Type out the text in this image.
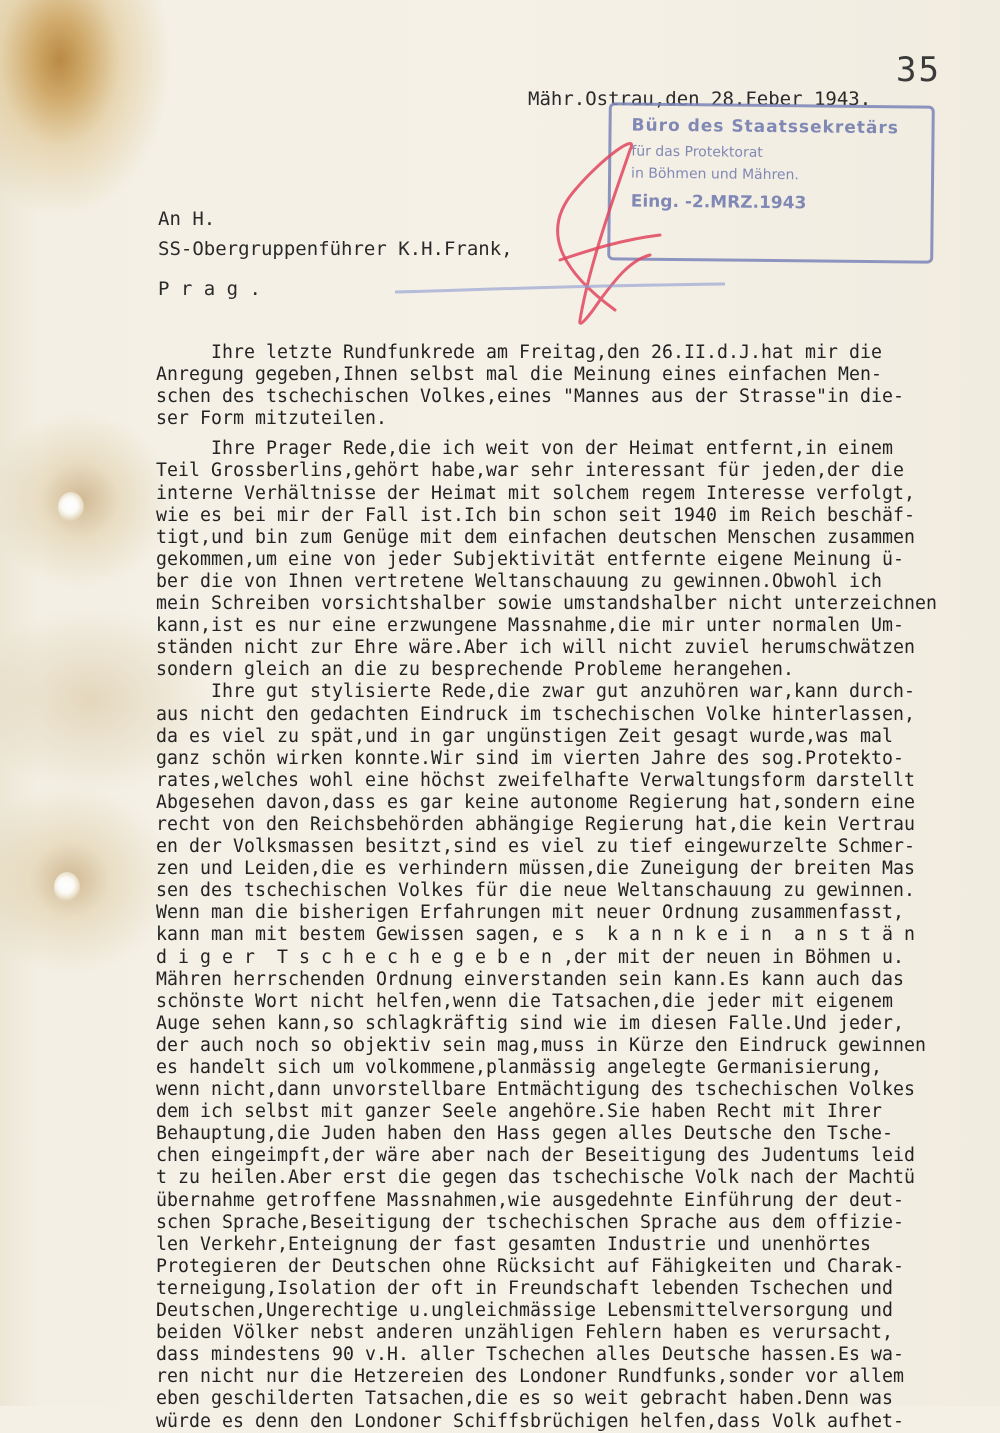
35
Mähr.Ostrau,den 28.Feber 1943.
Büro des Staatssekretärs
für das Protektorat
in Böhmen und Mähren.
Eing. -2.MRZ.1943
An H.
SS-Obergruppenführer K.H.Frank,
P r a g .
Ihre letzte Rundfunkrede am Freitag,den 26.II.d.J.hat mir die
Anregung gegeben,Ihnen selbst mal die Meinung eines einfachen Men-
schen des tschechischen Volkes,eines "Mannes aus der Strasse"in die-
ser Form mitzuteilen.
Ihre Prager Rede,die ich weit von der Heimat entfernt,in einem
Teil Grossberlins,gehört habe,war sehr interessant für jeden,der die
interne Verhältnisse der Heimat mit solchem regem Interesse verfolgt,
wie es bei mir der Fall ist.Ich bin schon seit 1940 im Reich beschäf-
tigt,und bin zum Genüge mit dem einfachen deutschen Menschen zusammen
gekommen,um eine von jeder Subjektivität entfernte eigene Meinung ü-
ber die von Ihnen vertretene Weltanschauung zu gewinnen.Obwohl ich
mein Schreiben vorsichtshalber sowie umstandshalber nicht unterzeichnen
kann,ist es nur eine erzwungene Massnahme,die mir unter normalen Um-
ständen nicht zur Ehre wäre.Aber ich will nicht zuviel herumschwätzen
sondern gleich an die zu besprechende Probleme herangehen.
Ihre gut stylisierte Rede,die zwar gut anzuhören war,kann durch-
aus nicht den gedachten Eindruck im tschechischen Volke hinterlassen,
da es viel zu spät,und in gar ungünstigen Zeit gesagt wurde,was mal
ganz schön wirken konnte.Wir sind im vierten Jahre des sog.Protekto-
rates,welches wohl eine höchst zweifelhafte Verwaltungsform darstellt
Abgesehen davon,dass es gar keine autonome Regierung hat,sondern eine
recht von den Reichsbehörden abhängige Regierung hat,die kein Vertrau
en der Volksmassen besitzt,sind es viel zu tief eingewurzelte Schmer-
zen und Leiden,die es verhindern müssen,die Zuneigung der breiten Mas
sen des tschechischen Volkes für die neue Weltanschauung zu gewinnen.
Wenn man die bisherigen Erfahrungen mit neuer Ordnung zusammenfasst,
kann man mit bestem Gewissen sagen, e s  k a n n k e i n  a n s t ä n
d i g e r  T s c h e c h e g e b e n ,der mit der neuen in Böhmen u.
Mähren herrschenden Ordnung einverstanden sein kann.Es kann auch das
schönste Wort nicht helfen,wenn die Tatsachen,die jeder mit eigenem
Auge sehen kann,so schlagkräftig sind wie im diesen Falle.Und jeder,
der auch noch so objektiv sein mag,muss in Kürze den Eindruck gewinnen
es handelt sich um volkommene,planmässig angelegte Germanisierung,
wenn nicht,dann unvorstellbare Entmächtigung des tschechischen Volkes
dem ich selbst mit ganzer Seele angehöre.Sie haben Recht mit Ihrer
Behauptung,die Juden haben den Hass gegen alles Deutsche den Tsche-
chen eingeimpft,der wäre aber nach der Beseitigung des Judentums leid
t zu heilen.Aber erst die gegen das tschechische Volk nach der Machtü
übernahme getroffene Massnahmen,wie ausgedehnte Einführung der deut-
schen Sprache,Beseitigung der tschechischen Sprache aus dem offizie-
len Verkehr,Enteignung der fast gesamten Industrie und unenhörtes
Protegieren der Deutschen ohne Rücksicht auf Fähigkeiten und Charak-
terneigung,Isolation der oft in Freundschaft lebenden Tschechen und
Deutschen,Ungerechtige u.ungleichmässige Lebensmittelversorgung und
beiden Völker nebst anderen unzähligen Fehlern haben es verursacht,
dass mindestens 90 v.H. aller Tschechen alles Deutsche hassen.Es wa-
ren nicht nur die Hetzereien des Londoner Rundfunks,sonder vor allem
eben geschilderten Tatsachen,die es so weit gebracht haben.Denn was
würde es denn den Londoner Schiffsbrüchigen helfen,dass Volk aufhet-
